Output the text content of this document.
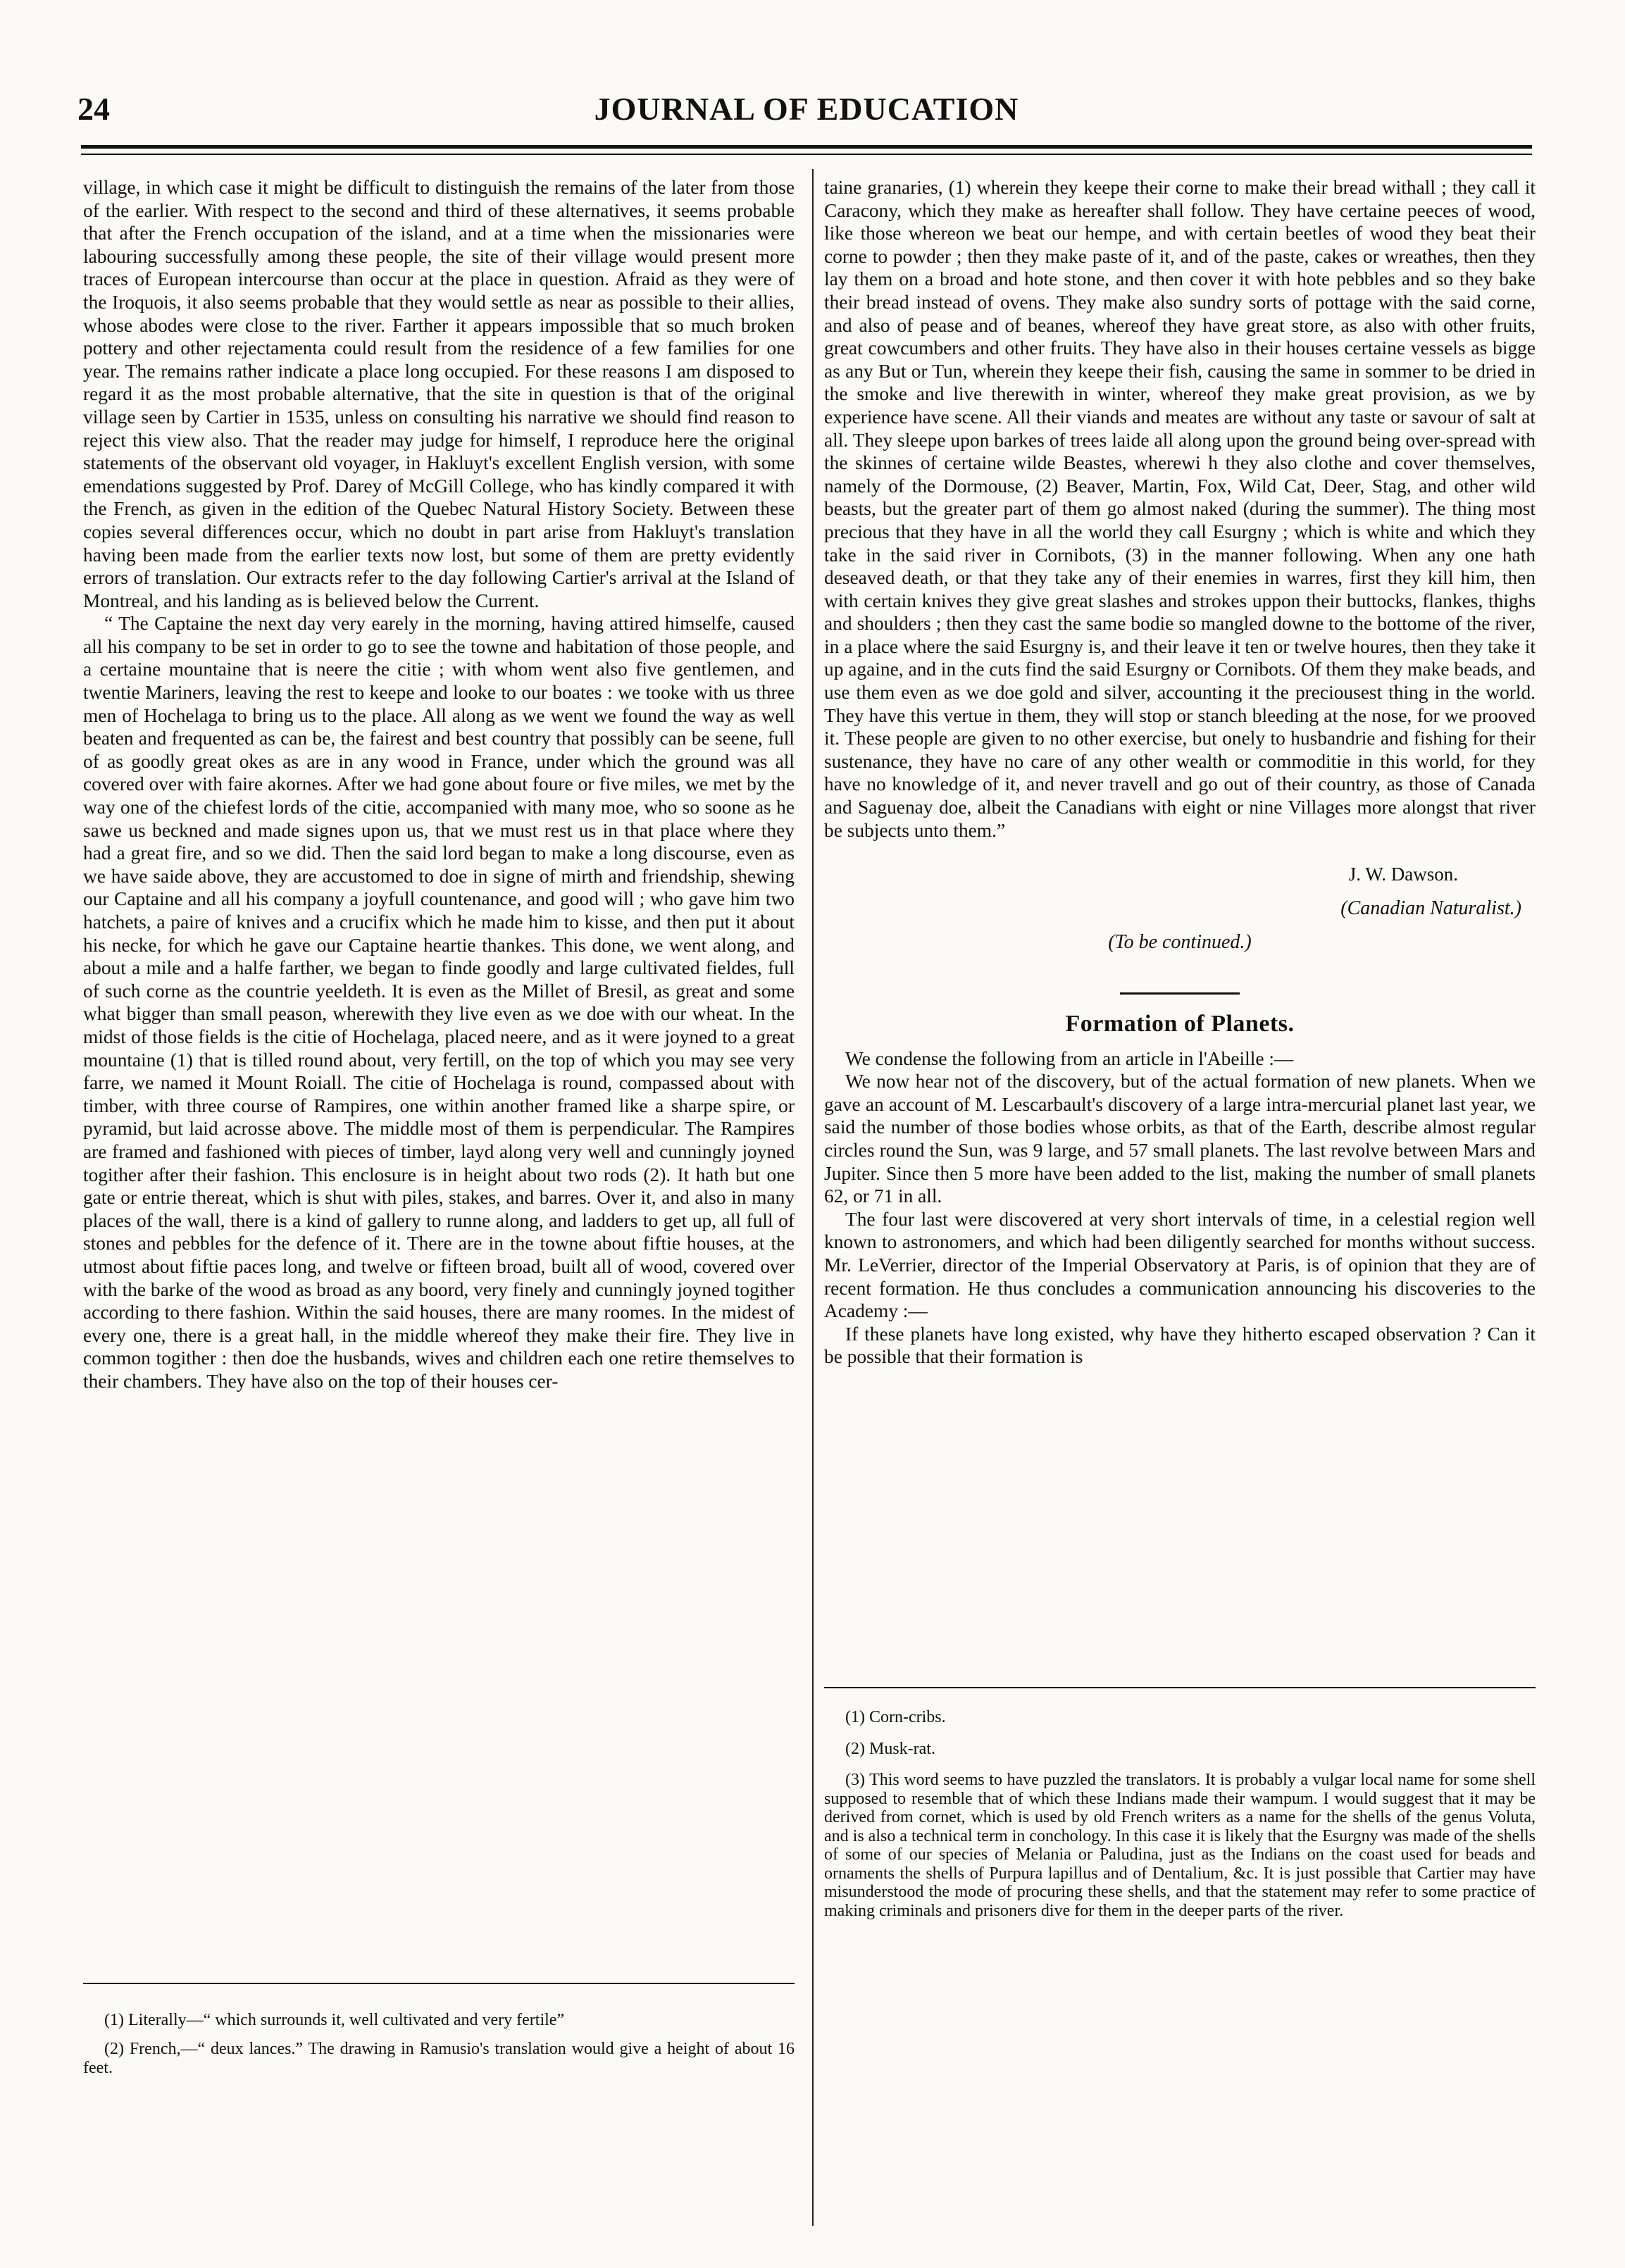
24	JOURNAL OF EDUCATION

village, in which case it might be difficult to distinguish the remains of the later from those of the earlier. With respect to the second and third of these alternatives, it seems probable that after the French occupation of the island, and at a time when the missionaries were labouring successfully among these people, the site of their village would present more traces of European intercourse than occur at the place in question. Afraid as they were of the Iroquois, it also seems probable that they would settle as near as possible to their allies, whose abodes were close to the river. Farther it appears impossible that so much broken pottery and other rejectamenta could result from the residence of a few families for one year. The remains rather indicate a place long occupied. For these reasons I am disposed to regard it as the most probable alternative, that the site in question is that of the original village seen by Cartier in 1535, unless on consulting his narrative we should find reason to reject this view also. That the reader may judge for himself, I reproduce here the original statements of the observant old voyager, in Hakluyt's excellent English version, with some emendations suggested by Prof. Darey of McGill College, who has kindly compared it with the French, as given in the edition of the Quebec Natural History Society. Between these copies several differences occur, which no doubt in part arise from Hakluyt's translation having been made from the earlier texts now lost, but some of them are pretty evidently errors of translation. Our extracts refer to the day following Cartier's arrival at the Island of Montreal, and his landing as is believed below the Current.

“ The Captaine the next day very earely in the morning, having attired himselfe, caused all his company to be set in order to go to see the towne and habitation of those people, and a certaine mountaine that is neere the citie ; with whom went also five gentlemen, and twentie Mariners, leaving the rest to keepe and looke to our boates : we tooke with us three men of Hochelaga to bring us to the place. All along as we went we found the way as well beaten and frequented as can be, the fairest and best country that possibly can be seene, full of as goodly great okes as are in any wood in France, under which the ground was all covered over with faire akornes. After we had gone about foure or five miles, we met by the way one of the chiefest lords of the citie, accompanied with many moe, who so soone as he sawe us beckned and made signes upon us, that we must rest us in that place where they had a great fire, and so we did. Then the said lord began to make a long discourse, even as we have saide above, they are accustomed to doe in signe of mirth and friendship, shewing our Captaine and all his company a joyfull countenance, and good will ; who gave him two hatchets, a paire of knives and a crucifix which he made him to kisse, and then put it about his necke, for which he gave our Captaine heartie thankes. This done, we went along, and about a mile and a halfe farther, we began to finde goodly and large cultivated fieldes, full of such corne as the countrie yeeldeth. It is even as the Millet of Bresil, as great and some what bigger than small peason, wherewith they live even as we doe with our wheat. In the midst of those fields is the citie of Hochelaga, placed neere, and as it were joyned to a great mountaine (1) that is tilled round about, very fertill, on the top of which you may see very farre, we named it Mount Roiall. The citie of Hochelaga is round, compassed about with timber, with three course of Rampires, one within another framed like a sharpe spire, or pyramid, but laid acrosse above. The middle most of them is perpendicular. The Rampires are framed and fashioned with pieces of timber, layd along very well and cunningly joyned togither after their fashion. This enclosure is in height about two rods (2). It hath but one gate or entrie thereat, which is shut with piles, stakes, and barres. Over it, and also in many places of the wall, there is a kind of gallery to runne along, and ladders to get up, all full of stones and pebbles for the defence of it. There are in the towne about fiftie houses, at the utmost about fiftie paces long, and twelve or fifteen broad, built all of wood, covered over with the barke of the wood as broad as any boord, very finely and cunningly joyned togither according to there fashion. Within the said houses, there are many roomes. In the midest of every one, there is a great hall, in the middle whereof they make their fire. They live in common togither : then doe the husbands, wives and children each one retire themselves to their chambers. They have also on the top of their houses cer-

(1) Literally—“ which surrounds it, well cultivated and very fertile”

(2) French,—“ deux lances.” The drawing in Ramusio's translation would give a height of about 16 feet.

taine granaries, (1) wherein they keepe their corne to make their bread withall ; they call it Caracony, which they make as hereafter shall follow. They have certaine peeces of wood, like those whereon we beat our hempe, and with certain beetles of wood they beat their corne to powder ; then they make paste of it, and of the paste, cakes or wreathes, then they lay them on a broad and hote stone, and then cover it with hote pebbles and so they bake their bread instead of ovens. They make also sundry sorts of pottage with the said corne, and also of pease and of beanes, whereof they have great store, as also with other fruits, great cowcumbers and other fruits. They have also in their houses certaine vessels as bigge as any But or Tun, wherein they keepe their fish, causing the same in sommer to be dried in the smoke and live therewith in winter, whereof they make great provision, as we by experience have scene. All their viands and meates are without any taste or savour of salt at all. They sleepe upon barkes of trees laide all along upon the ground being over-spread with the skinnes of certaine wilde Beastes, wherewi h they also clothe and cover themselves, namely of the Dormouse, (2) Beaver, Martin, Fox, Wild Cat, Deer, Stag, and other wild beasts, but the greater part of them go almost naked (during the summer). The thing most precious that they have in all the world they call Esurgny ; which is white and which they take in the said river in Cornibots, (3) in the manner following. When any one hath deseaved death, or that they take any of their enemies in warres, first they kill him, then with certain knives they give great slashes and strokes uppon their buttocks, flankes, thighs and shoulders ; then they cast the same bodie so mangled downe to the bottome of the river, in a place where the said Esurgny is, and their leave it ten or twelve houres, then they take it up againe, and in the cuts find the said Esurgny or Cornibots. Of them they make beads, and use them even as we doe gold and silver, accounting it the preciousest thing in the world. They have this vertue in them, they will stop or stanch bleeding at the nose, for we prooved it. These people are given to no other exercise, but onely to husbandrie and fishing for their sustenance, they have no care of any other wealth or commoditie in this world, for they have no knowledge of it, and never travell and go out of their country, as those of Canada and Saguenay doe, albeit the Canadians with eight or nine Villages more alongst that river be subjects unto them.”

J. W. Dawson.
(Canadian Naturalist.)
(To be continued.)
Formation of Planets.

We condense the following from an article in l'Abeille :—

We now hear not of the discovery, but of the actual formation of new planets. When we gave an account of M. Lescarbault's discovery of a large intra-mercurial planet last year, we said the number of those bodies whose orbits, as that of the Earth, describe almost regular circles round the Sun, was 9 large, and 57 small planets. The last revolve between Mars and Jupiter. Since then 5 more have been added to the list, making the number of small planets 62, or 71 in all.

The four last were discovered at very short intervals of time, in a celestial region well known to astronomers, and which had been diligently searched for months without success. Mr. LeVerrier, director of the Imperial Observatory at Paris, is of opinion that they are of recent formation. He thus concludes a communication announcing his discoveries to the Academy :—

If these planets have long existed, why have they hitherto escaped observation ? Can it be possible that their formation is

(1) Corn-cribs.

(2) Musk-rat.

(3) This word seems to have puzzled the translators. It is probably a vulgar local name for some shell supposed to resemble that of which these Indians made their wampum. I would suggest that it may be derived from cornet, which is used by old French writers as a name for the shells of the genus Voluta, and is also a technical term in conchology. In this case it is likely that the Esurgny was made of the shells of some of our species of Melania or Paludina, just as the Indians on the coast used for beads and ornaments the shells of Purpura lapillus and of Dentalium, &c. It is just possible that Cartier may have misunderstood the mode of procuring these shells, and that the statement may refer to some practice of making criminals and prisoners dive for them in the deeper parts of the river.
